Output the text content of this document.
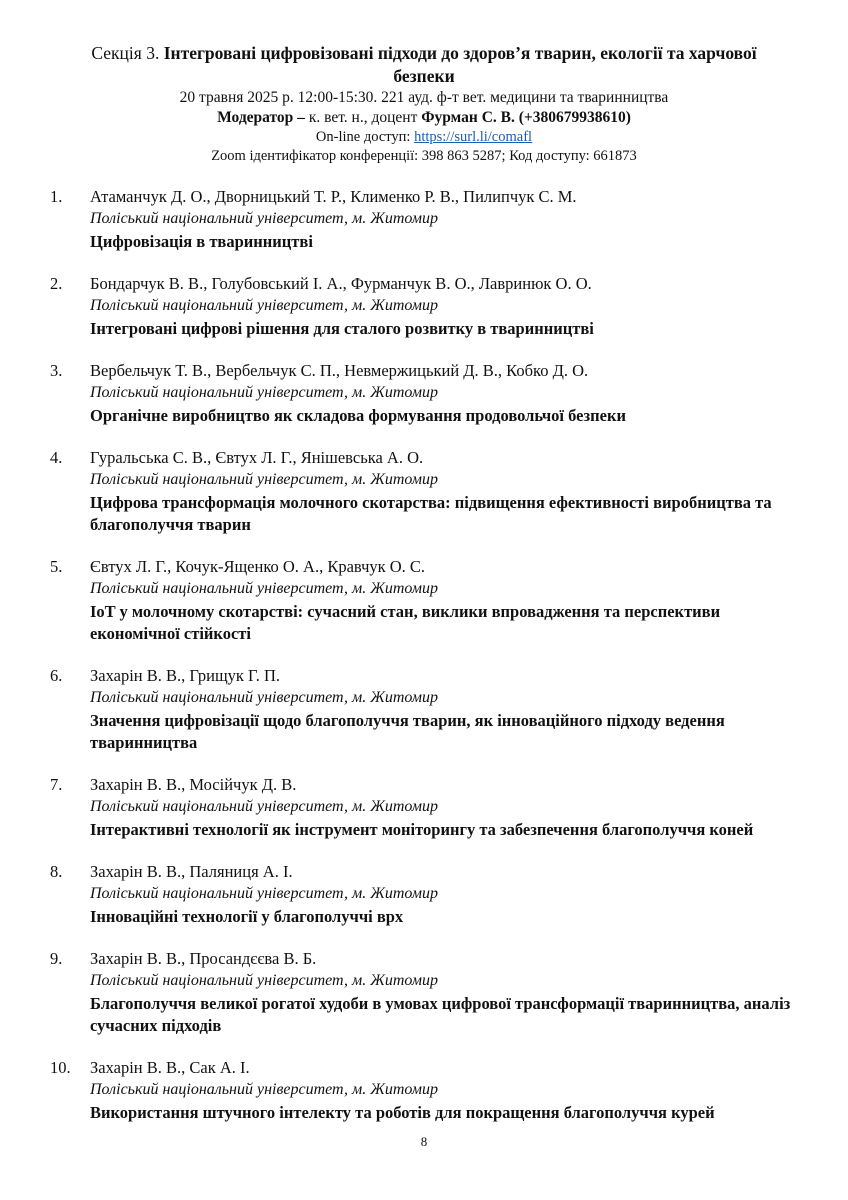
Секція 3. Інтегровані цифровізовані підходи до здоров’я тварин, екології та харчової безпеки

20 травня 2025 р. 12:00-15:30. 221 ауд. ф-т вет. медицини та тваринництва

Модератор – к. вет. н., доцент Фурман С. В. (+380679938610)

On-line доступ: https://surl.li/comafl

Zoom ідентифікатор конференції: 398 863 5287; Код доступу: 661873

1. Атаманчук Д. О., Дворницький Т. Р., Клименко Р. В., Пилипчук С. М.

Поліський національний університет, м. Житомир

Цифровізація в тваринництві

2. Бондарчук В. В., Голубовський І. А., Фурманчук В. О., Лавринюк О. О.

Поліський національний університет, м. Житомир

Інтегровані цифрові рішення для сталого розвитку в тваринництві

3. Вербельчук Т. В., Вербельчук С. П., Невмержицький Д. В., Кобко Д. О.

Поліський національний університет, м. Житомир

Органічне виробництво як складова формування продовольчої безпеки

4. Гуральська С. В., Євтух Л. Г., Янішевська А. О.

Поліський національний університет, м. Житомир

Цифрова трансформація молочного скотарства: підвищення ефективності виробництва та благополуччя тварин

5. Євтух Л. Г., Кочук-Ященко О. А., Кравчук О. С.

Поліський національний університет, м. Житомир

IoT у молочному скотарстві: сучасний стан, виклики впровадження та перспективи економічної стійкості

6. Захарін В. В., Грищук Г. П.

Поліський національний університет, м. Житомир

Значення цифровізації щодо благополуччя тварин, як інноваційного підходу ведення тваринництва

7. Захарін В. В., Мосійчук Д. В.

Поліський національний університет, м. Житомир

Інтерактивні технології як інструмент моніторингу та забезпечення благополуччя коней

8. Захарін В. В., Паляниця А. І.

Поліський національний університет, м. Житомир

Інноваційні технології у благополуччі врх

9. Захарін В. В., Просандєєва В. Б.

Поліський національний університет, м. Житомир

Благополуччя великої рогатої худоби в умовах цифрової трансформації тваринництва, аналіз сучасних підходів

10. Захарін В. В., Сак А. І.

Поліський національний університет, м. Житомир

Використання штучного інтелекту та роботів для покращення благополуччя курей

8
